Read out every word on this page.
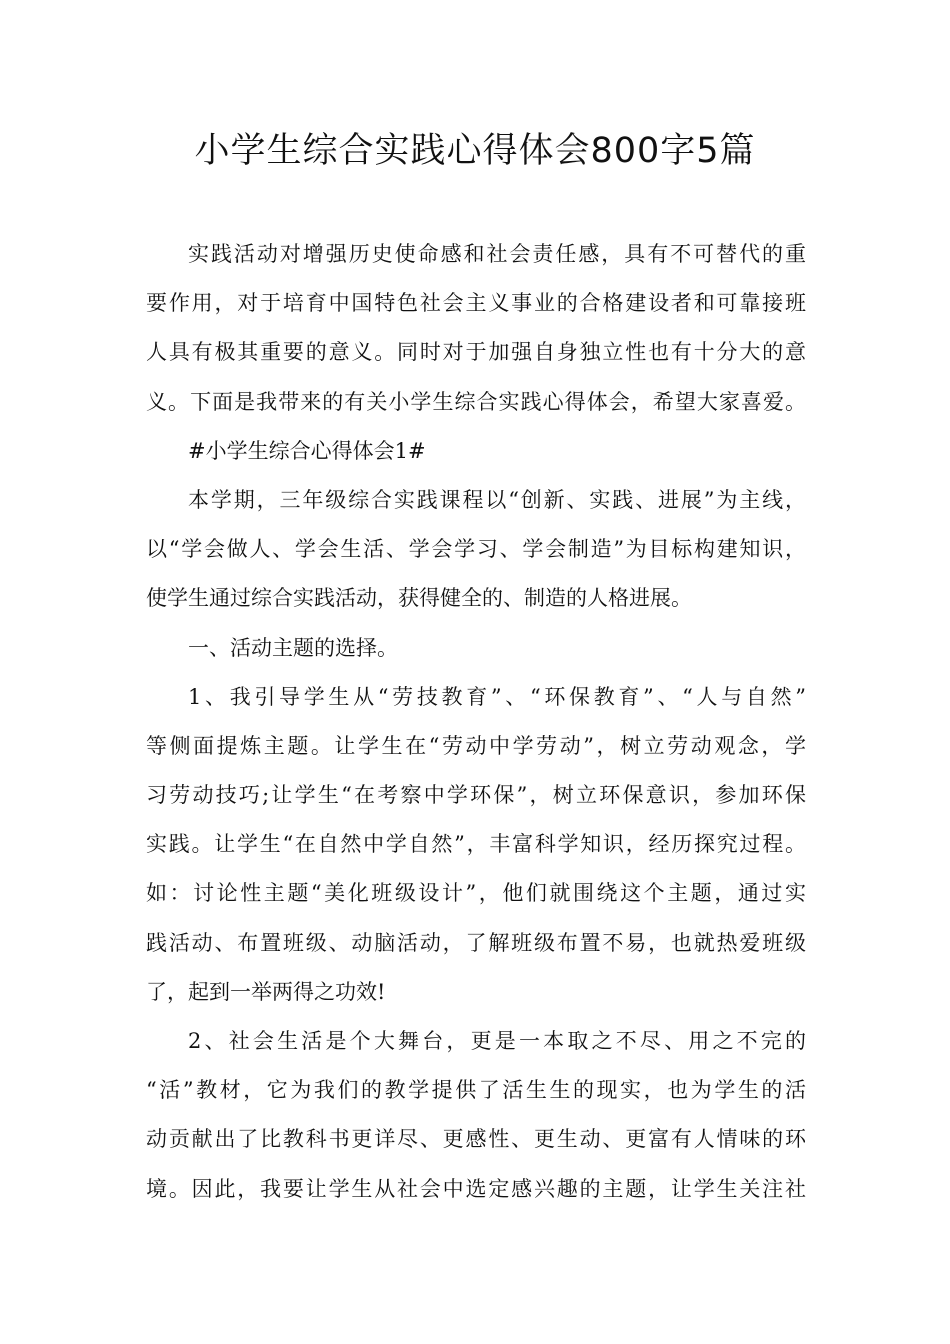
小学生综合实践心得体会800字5篇
实践活动对增强历史使命感和社会责任感，具有不可替代的重
要作用，对于培育中国特色社会主义事业的合格建设者和可靠接班
人具有极其重要的意义。同时对于加强自身独立性也有十分大的意
义。下面是我带来的有关小学生综合实践心得体会，希望大家喜爱。
#小学生综合心得体会1#
本学期，三年级综合实践课程以“创新、实践、进展”为主线，
以“学会做人、学会生活、学会学习、学会制造”为目标构建知识，
使学生通过综合实践活动，获得健全的、制造的人格进展。
一、活动主题的选择。
1、我引导学生从“劳技教育”、“环保教育”、“人与自然”
等侧面提炼主题。让学生在“劳动中学劳动”，树立劳动观念，学
习劳动技巧;让学生“在考察中学环保”，树立环保意识，参加环保
实践。让学生“在自然中学自然”，丰富科学知识，经历探究过程。
如：讨论性主题“美化班级设计”，他们就围绕这个主题，通过实
践活动、布置班级、动脑活动，了解班级布置不易，也就热爱班级
了，起到一举两得之功效!
2、社会生活是个大舞台，更是一本取之不尽、用之不完的
“活”教材，它为我们的教学提供了活生生的现实，也为学生的活
动贡献出了比教科书更详尽、更感性、更生动、更富有人情味的环
境。因此，我要让学生从社会中选定感兴趣的主题，让学生关注社
